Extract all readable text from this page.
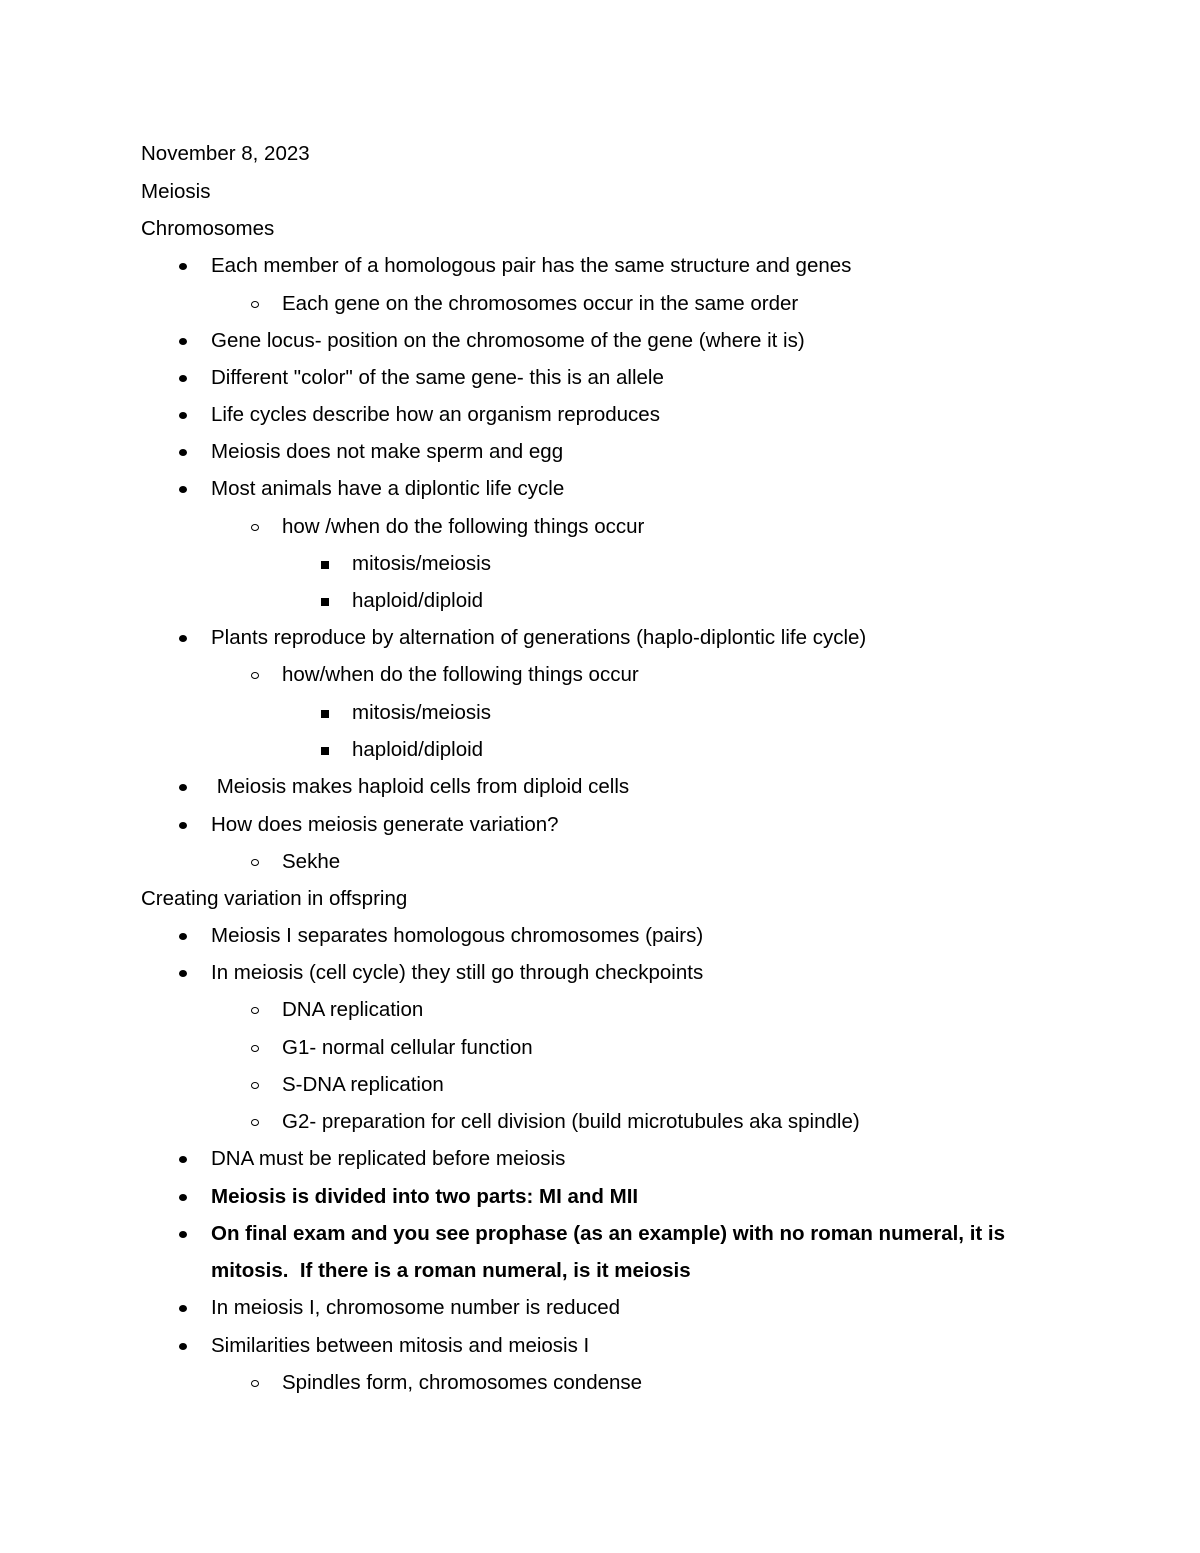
November 8, 2023
Meiosis
Chromosomes
Each member of a homologous pair has the same structure and genes
Each gene on the chromosomes occur in the same order
Gene locus- position on the chromosome of the gene (where it is)
Different "color" of the same gene- this is an allele
Life cycles describe how an organism reproduces
Meiosis does not make sperm and egg
Most animals have a diplontic life cycle
how /when do the following things occur
mitosis/meiosis
haploid/diploid
Plants reproduce by alternation of generations (haplo-diplontic life cycle)
how/when do the following things occur
mitosis/meiosis
haploid/diploid
Meiosis makes haploid cells from diploid cells
How does meiosis generate variation?
Sekhe
Creating variation in offspring
Meiosis I separates homologous chromosomes (pairs)
In meiosis (cell cycle) they still go through checkpoints
DNA replication
G1- normal cellular function
S-DNA replication
G2- preparation for cell division (build microtubules aka spindle)
DNA must be replicated before meiosis
Meiosis is divided into two parts: MI and MII
On final exam and you see prophase (as an example) with no roman numeral, it is
mitosis.  If there is a roman numeral, is it meiosis
In meiosis I, chromosome number is reduced
Similarities between mitosis and meiosis I
Spindles form, chromosomes condense
